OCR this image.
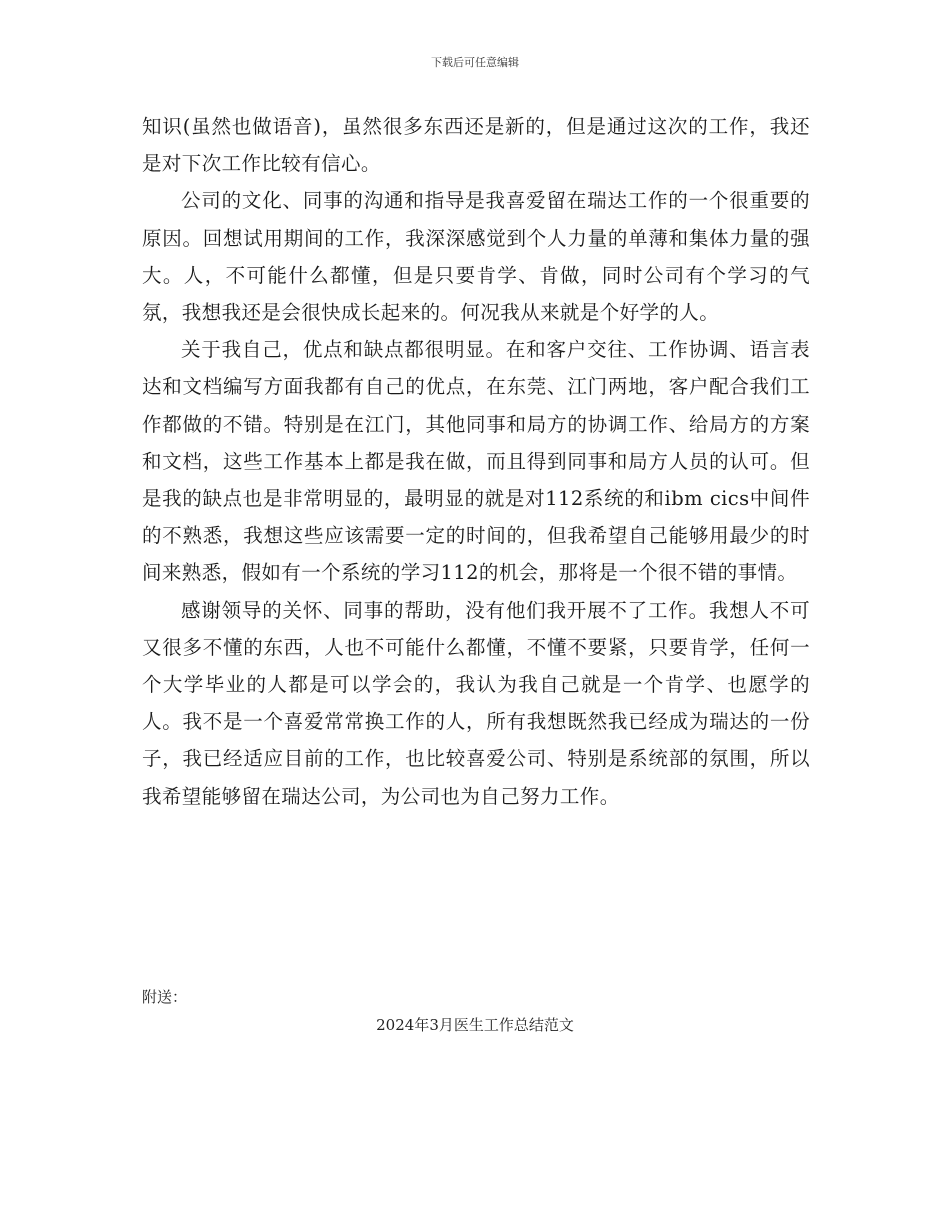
下载后可任意编辑

知识(虽然也做语音)，虽然很多东西还是新的，但是通过这次的工作，我还是对下次工作比较有信心。

公司的文化、同事的沟通和指导是我喜爱留在瑞达工作的一个很重要的原因。回想试用期间的工作，我深深感觉到个人力量的单薄和集体力量的强大。人，不可能什么都懂，但是只要肯学、肯做，同时公司有个学习的气氛，我想我还是会很快成长起来的。何况我从来就是个好学的人。

关于我自己，优点和缺点都很明显。在和客户交往、工作协调、语言表达和文档编写方面我都有自己的优点，在东莞、江门两地，客户配合我们工作都做的不错。特别是在江门，其他同事和局方的协调工作、给局方的方案和文档，这些工作基本上都是我在做，而且得到同事和局方人员的认可。但是我的缺点也是非常明显的，最明显的就是对112系统的和ibm cics中间件的不熟悉，我想这些应该需要一定的时间的，但我希望自己能够用最少的时间来熟悉，假如有一个系统的学习112的机会，那将是一个很不错的事情。

感谢领导的关怀、同事的帮助，没有他们我开展不了工作。我想人不可又很多不懂的东西，人也不可能什么都懂，不懂不要紧，只要肯学，任何一个大学毕业的人都是可以学会的，我认为我自己就是一个肯学、也愿学的人。我不是一个喜爱常常换工作的人，所有我想既然我已经成为瑞达的一份子，我已经适应目前的工作，也比较喜爱公司、特别是系统部的氛围，所以我希望能够留在瑞达公司，为公司也为自己努力工作。

附送：
2024年3月医生工作总结范文
